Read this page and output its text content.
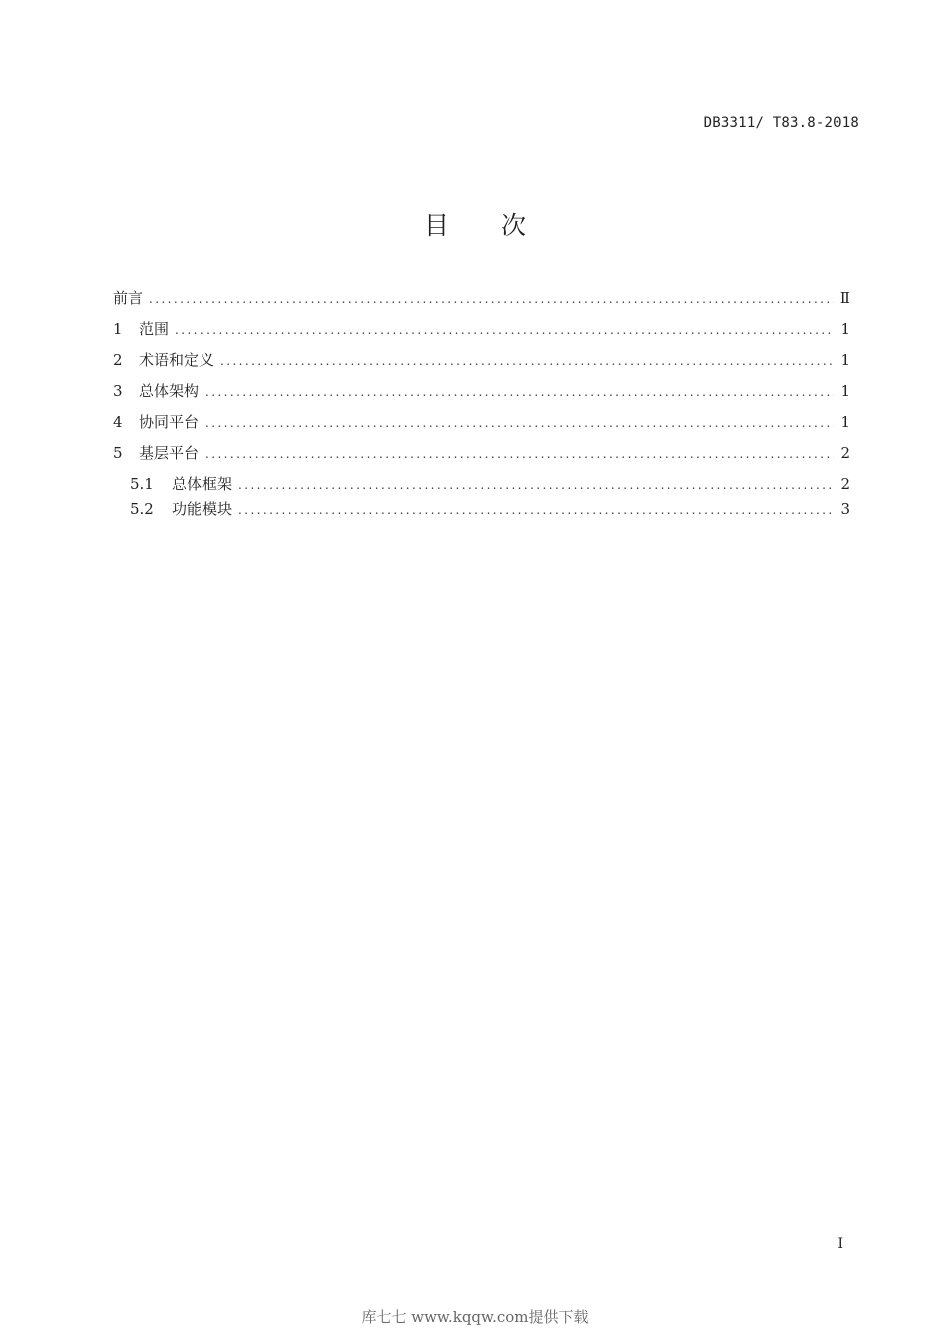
DB3311/ T83.8-2018
目 次
前言 .....	Ⅱ
1	范围 .....	1
2	术语和定义 .....	1
3	总体架构 .....	1
4	协同平台 .....	1
5	基层平台 .....	2
5.1	总体框架 .....	2
5.2	功能模块 .....	3
I
库七七 www.kqqw.com提供下载
